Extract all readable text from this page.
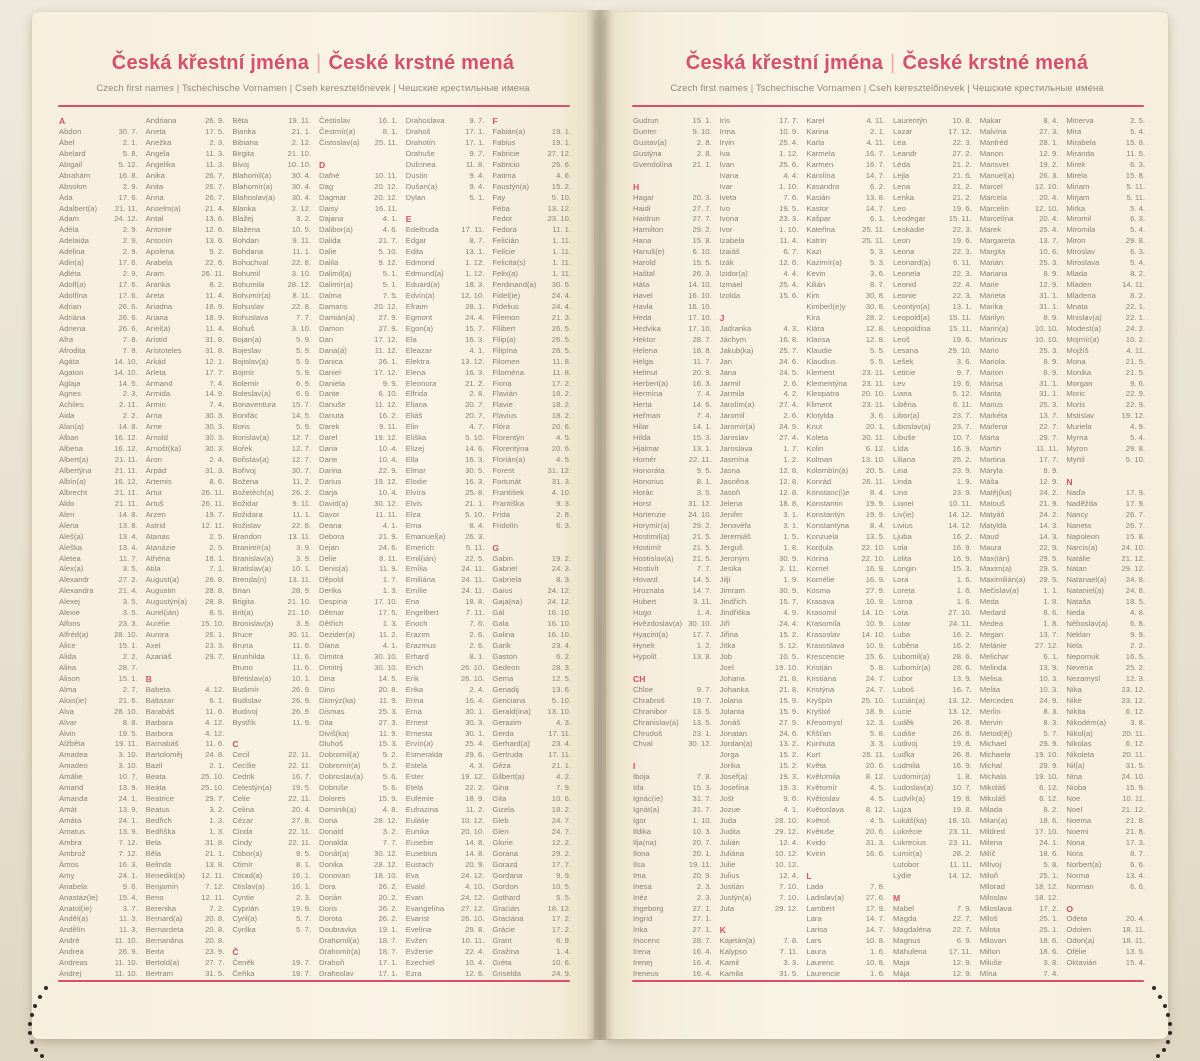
Česká křestní jména | České krstné mená
Czech first names | Tschechische Vornamen | Cseh keresztelőnevek | Чешские крестильные имена
A
Abdon	30. 7.
Ábel	2. 1.
Abelard	5. 8.
Abigail	5. 12.
Abrahám	16. 8.
Absolon	2. 9.
Ada	17. 6.
Adalbert(a) 21. 11.
Adam	24. 12.
Adéla	2. 9.
Adelaida	2. 9.
Adelina	2. 9.
Adin(a)	17. 6.
Adléta	2. 9.
Adolf(a)	17. 6.
Adolfína	17. 6.
Adrian	26. 6.
Adriána	26. 6.
Adriena	26. 6.
Afra	7. 8.
Afrodita	7. 8.
Agáta	14. 10.
Agaton	14. 10.
Aglaja	14. 5.
Agnes	2. 3.
Achiles	2. 11.
Aida	2. 2.
Alan(a)	14. 8.
Alban	16. 12.
Albena	16. 12.
Albert(a)	21. 11.
Albertýna	21. 11.
Albín(a)	16. 12.
Albrecht	21. 11.
Aldo	21. 11.
Alen	14. 8.
Alena	13. 8.
Aleš(a)	13. 4.
Aleška	13. 4.
Aletea	11. 7.
Alex(a)	3. 5.
Alexandr	27. 2.
Alexandra	21. 4.
Alexej	3. 5.
Alexie	3. 5.
Alfons	23. 3.
Alfréd(a)	28. 10.
Alice	15. 1.
Alida	2. 2.
Alina	28. 7.
Alison	15. 1.
Alma	2. 7.
Alois(ie)	21. 6.
Alva	28. 10.
Alvar	8. 8.
Alvin	19. 5.
Alžběta	19. 11.
Amadea	3. 10.
Amadeo	3. 10.
Amálie	10. 7.
Amand	13. 9.
Amanda	24. 1.
Amát	13. 9.
Amáta	24. 1.
Amatus	13. 9.
Ambra	7. 12.
Ambrož	7. 12.
Ámos	16. 3.
Amy	24. 1.
Anabela	9. 6.
Anastáz(ie)	15. 4.
Anatol(ie)	3. 7.
Anděl(a)	11. 3.
Andělín	11. 3.
André	11. 10.
Andrea	26. 9.
Andreas	11. 10.
Andrej	11. 10.
Andriana	26. 9.
Aneta	17. 5.
Anežka	2. 3.
Angela	11. 3.
Angelika	11. 3.
Anika	26. 7.
Anita	26. 7.
Anna	26. 7.
Anselm(a)	21. 4.
Antal	13. 6.
Antonie	12. 6.
Antonín	13. 6.
Apolena	9. 2.
Arabela	22. 6.
Aram	26. 11.
Aranka	8. 2.
Areta	11. 4.
Ariadna	18. 9.
Ariana	18. 9.
Ariel(a)	11. 4.
Aristid	31. 8.
Aristoteles	31. 8.
Arkád	12. 1.
Arleta	17. 7.
Armand	7. 4.
Armida	14. 9.
Armin	7. 4.
Arna	30. 3.
Arne	30. 3.
Arnold	30. 3.
Arnošt(ka)	30. 3.
Áron	2. 4.
Árpád	31. 3.
Artemis	8. 6.
Artur	26. 11.
Artuš	26. 11.
Arzen	19. 7.
Astrid	12. 11.
Atanas	2. 5.
Atanázie	2. 5.
Athéna	18. 1.
Atila	7. 1.
August(a)	28. 8.
Augustin	28. 8.
Augustýn(a) 28. 8.
Aurel(ián)	8. 5.
Aurélie	15. 10.
Aurora	26. 1.
Axel	23. 3.
Azariáš	29. 7.
B
Babeta	4. 12.
Baltazar	6. 1.
Barabáš	11. 6.
Barbara	4. 12.
Barbora	4. 12.
Barnabáš	11. 6.
Bartoloměj	24. 8.
Bazil	2. 1.
Beata	25. 10.
Beáta	25. 10.
Beatrice	29. 7.
Beatus	3. 2.
Bedřich	1. 3.
Bedřiška	1. 3.
Bela	31. 8.
Běla	21. 1.
Belinda	13. 8.
Benedikt(a) 12. 11.
Benjamín	7. 12.
Beno	12. 11.
Berenika	7. 2.
Bernard(a)	20. 8.
Bernardeta	20. 8.
Bernardina	20. 8.
Berta	23. 9.
Bertold(a)	27. 7.
Bertram	31. 5.
Běta	19. 11.
Bianka	21. 1.
Bibiana	2. 12.
Birgita	21. 10.
Bivoj	10. 10.
Blahomil(a)	30. 4.
Blahomír(a)	30. 4.
Blahoslav(a) 30. 4.
Blanka	2. 12.
Blažej	3. 2.
Blažena	10. 5.
Bohdan	9. 11.
Bohdana	11. 1.
Bohuchval	22. 8.
Bohumil	3. 10.
Bohumila	28. 12.
Bohumír(a)	8. 11.
Bohuslav	22. 8.
Bohuslava	7. 7.
Bohuš	3. 10.
Bojan(a)	5. 9.
Bojeslav	5. 9.
Bojislav(a)	5. 9.
Bojmír	5. 9.
Bolemír	6. 9.
Boleslav(a)	6. 9.
Bonaventura 15. 7.
Bonifác	14. 5.
Boris	5. 9.
Borislav(a)	12. 7.
Bořek	12. 7.
Bořislav(a)	12. 7.
Bořivoj	30. 7.
Božena	11. 2.
Božetěch(a) 26. 2.
Božidar	9. 11.
Božidara	11. 1.
Božislav	22. 8.
Brandon	13. 11.
Branimír(a)	3. 9.
Branislav(a)	3. 9.
Bratislav(a)	10. 1.
Brenda(n)	13. 11.
Brian	28. 9.
Brigita	21. 10.
Brit(a)	21. 10.
Bronislav(a)	3. 9.
Bruce	30. 11.
Bruna	11. 6.
Brunhilda	11. 6.
Bruno	11. 6.
Břetislav(a)	10. 1.
Budimír	26. 9.
Budislav	26. 9.
Budivoj	26. 9.
Bystřík	11. 9.
C
Cecil	22. 11.
Cecílie	22. 11.
Cedrik	16. 7.
Celestýn(a)	19. 5.
Celie	22. 11.
Celina	20. 4.
Cézar	27. 8.
Cinda	22. 11.
Cindy	22. 11.
Ctibor(a)	9. 5.
Ctimír	8. 1.
Ctirad(a)	16. 1.
Ctislav(a)	16. 1.
Cyntie	2. 3.
Cyprián	19. 9.
Cyril(a)	5. 7.
Cyrilka	5. 7.
Č
Čeněk	19. 7.
Čeňka	19. 7.
Čestislav	16. 1.
Čestmír(a)	8. 1.
Čistoslav(a) 25. 11.
D
Dafné	10. 11.
Dag	20. 12.
Dagmar	20. 12.
Daisy	16. 11.
Dajana	4. 1.
Dalibor(a)	4. 6.
Dalida	21. 7.
Dalie	5. 10.
Dalila	9. 12.
Dalimil(a)	5. 1.
Dalimír(a)	5. 1.
Dalma	7. 5.
Damaris	20. 12.
Damián(a)	27. 9.
Damon	27. 9.
Dan	17. 12.
Dana(á)	11. 12.
Danica	26. 1.
Daniel	17. 12.
Daniela	9. 9.
Dante	6. 10.
Danuše	11. 12.
Danuta	16. 2.
Darek	9. 11.
Darel	19. 12.
Daria	10. 4.
Darie	10. 4.
Darina	22. 9.
Darius	19. 12.
Darja	10. 4.
David(a)	30. 12.
Davor	11. 11.
Deana	4. 1.
Debora	21. 9.
Dejan	24. 6.
Delie	8. 11.
Denis(a)	11. 9.
Děpold	1. 7.
Derika	1. 3.
Despina	17. 10.
Dětmar	17. 5.
Dětřich	1. 3.
Dezider(a)	11. 2.
Diana	4. 1.
Dimitra	30. 10.
Dimitrij	30. 10.
Dina	14. 5.
Dino	20. 8.
Dionýz(ka)	11. 9.
Dismas	25. 3.
Dita	27. 3.
Diviš(ka)	11. 9.
Dluhoš	15. 3.
Dobromil(a)	5. 2.
Dobromír(a)	5. 2.
Dobroslav(a)	5. 6.
Dobruše	5. 6.
Dolores	15. 9.
Dominik(a)	4. 8.
Dona	28. 12.
Donald	3. 2.
Donalda	7. 7.
Donát(a)	30. 12.
Donika	28. 12.
Donovan	18. 10.
Dora	26. 2.
Dorián	20. 2.
Doris	26. 2.
Dorota	26. 2.
Doubravka	19. 1.
Drahomil(a)	18. 7.
Drahomír(a) 18. 7.
Drahoň	17. 1.
Drahoslav	17. 1.
Drahoslava	9. 7.
Drahoš	17. 1.
Drahotín	17. 1.
Drahuše	9. 7.
Dulcinea	11. 8.
Dustin	9. 4.
Dušan(a)	9. 4.
Dylan	5. 1.
E
Edeltruda	17. 11.
Edgar	8. 7.
Edita	13. 1.
Edmond	1. 12.
Edmund(a)	1. 12.
Eduard(a)	18. 3.
Edvín(a)	12. 10.
Efraim	28. 1.
Egmont	24. 4.
Egon(a)	15. 7.
Ela	16. 3.
Eleazar	4. 1.
Elektra	13. 12.
Elena	16. 3.
Eleonora	21. 2.
Elfrida	2. 8.
Eliana	20. 7.
Eliáš	20. 7.
Elin	4. 7.
Eliška	5. 10.
Elizej	14. 6.
Ella	16. 3.
Elmar	30. 5.
Elodie	16. 3.
Elvíra	25. 8.
Elvis	21. 1.
Elza	5. 10.
Ema	8. 4.
Emanuel(a)	26. 3.
Emerich	5. 11.
Emil(ián)	22. 5.
Emília	24. 11.
Emiliána	24. 11.
Emílie	24. 11.
Ena	18. 8.
Engelbert	7. 11.
Enoch	7. 6.
Erazim	2. 6.
Erazmus	2. 6.
Erhard	8. 1.
Erich	26. 10.
Erik	26. 10.
Erika	2. 4.
Erina	16. 4.
Erna	30. 1.
Ernest	30. 3.
Ernesta	30. 1.
Ervín(a)	25. 4.
Esmeralda	29. 6.
Estela	4. 3.
Ester	19. 12.
Etela	22. 2.
Eufémie	18. 9.
Eufrazina	11. 2.
Eulálie	10. 12.
Eunika	20. 10.
Eusebie	14. 8.
Eusebius	14. 8.
Eustach	20. 9.
Eva	24. 12.
Evald	4. 10.
Evan	24. 12.
Evangelína 27. 12.
Evarist	26. 10.
Evelína	29. 8.
Evžen	10. 11.
Evženie	22. 4.
Ezechiel	10. 4.
Ezra	12. 6.
F
Fabián(a)	19. 1.
Fabius	19. 1.
Fabricie	27. 12.
Fabricio	25. 6.
Fatima	4. 6.
Faustýn(a)	15. 2.
Fay	5. 10.
Féba	13. 12.
Fedor	23. 10.
Fedora	11. 1.
Felicián	1. 11.
Felície	1. 11.
Felicita(s)	1. 11.
Felix(a)	1. 11.
Ferdinand(a) 30. 5.
Fidel(ie)	24. 4.
Fidelius	24. 4.
Filemon	21. 3.
Filibert	26. 5.
Filip(a)	26. 5.
Filipína	26. 5.
Filomen	11. 8.
Filoména	11. 8.
Fiona	17. 2.
Flavián	18. 2.
Flavie	18. 2.
Flavius	18. 2.
Flóra	20. 6.
Florentýn	4. 5.
Florentýna	20. 6.
Florián(a)	4. 5.
Forest	31. 12.
Fortunát	31. 3.
František	4. 10.
Františka	9. 3.
Frida	2. 8.
Fridolín	6. 3.
G
Gabin	19. 2.
Gabriel	24. 3.
Gabriela	8. 3.
Gaius	24. 12.
Gaja(na)	24. 12.
Gál	16. 10.
Gala	16. 10.
Galina	16. 10.
Garik	23. 4.
Gaston	6. 2.
Gedeon	28. 3.
Gema	12. 5.
Genadij	13. 6.
Genciana	5. 10.
Gerald(ina) 13. 10.
Gerazim	4. 3.
Gerda	17. 11.
Gerhard(a)	23. 4.
Gertruda	17. 11.
Géza	21. 1.
Gilbert(a)	4. 2.
Gina	7. 9.
Gita	10. 6.
Gizela	18. 2.
Gleb	24. 7.
Glen	24. 7.
Glorie	12. 2.
Gorana	29. 2.
Gorazd	17. 7.
Gordana	9. 9.
Gordon	10. 5.
Gothard	5. 5.
Gracián	18. 12.
Graciána	17. 2.
Grácie	17. 2.
Grant	6. 9.
Gražina	1. 4.
Gréta	10. 6.
Griselda	24. 9.
Česká křestní jména | České krstné mená
Czech first names | Tschechische Vornamen | Cseh keresztelőnevek | Чешские крестильные имена
Gudrun	15. 1.
Gunter	9. 10.
Gustav(a)	2. 8.
Gustýna	2. 8.
Gvendolína	21. 1.
H
Hagar	20. 3.
Haidi	27. 7.
Haidrun	27. 7.
Hamilton	29. 2.
Hana	15. 8.
Hanuš(e)	6. 10.
Harold	15. 5.
Haštal	26. 3.
Háta	14. 10.
Havel	16. 10.
Havla	16. 10.
Heda	17. 10.
Hedvika	17. 10.
Hektor	28. 7.
Helena	18. 8.
Helga	11. 7.
Helmut	20. 9.
Herbert(a)	16. 3.
Hermína	7. 4.
Herta	14. 6.
Heřman	7. 4.
Hilar	14. 1.
Hilda	15. 3.
Hjalmar	13. 1.
Homér	22. 11.
Honoráta	9. 5.
Honorius	8. 1.
Horác	3. 5.
Horst	31. 12.
Hortenzie	24. 10.
Horymír(a)	29. 2.
Hostimil(a)	21. 5.
Hostimír	21. 5.
Hostislav(a) 21. 5.
Hostivít	7. 7.
Hovard	14. 5.
Hroznata	14. 7.
Hubert	3. 11.
Hugo	1. 4.
Hvězdoslav(a) 30. 10.
Hyacint(a)	17. 7.
Hynek	1. 2.
Hypolit	13. 8.
CH
Chloe	9. 7.
Chrabroš	19. 7.
Chranibor	13. 5.
Chranislav(a) 13. 5.
Chrudoš	23. 1.
Chval	30. 12.
I
Iboja	7. 8.
Ida	15. 3.
Ignác(ie)	31. 7.
Ignát(a)	31. 7.
Igor	1. 10.
Ildika	10. 3.
Ilja(na)	20. 7.
Ilona	20. 1.
Ilsa	19. 11.
Ima	20. 9.
Inesa	2. 3.
Inéz	2. 3.
Ingeborg	27. 1.
Ingrid	27. 1.
Inka	27. 1.
Inocenc	28. 7.
Irena	16. 4.
Irenej	16. 4.
Ireneus	16. 4.
Iris	17. 7.
Irma	10. 9.
Irvin	25. 4.
Iva	1. 12.
Ivan	25. 6.
Ivana	4. 4.
Ivar	1. 10.
Iveta	7. 6.
Ivo	19. 5.
Ivona	23. 3.
Ivor	1. 10.
Izabela	11. 4.
Izaiáš	6. 7.
Izák	12. 6.
Izidor(a)	4. 4.
Izmael	25. 4.
Izolda	15. 6.
J
Jadranka	4. 3.
Jáchym	16. 8.
Jakub(ka)	25. 7.
Jan	24. 6.
Jana	24. 5.
Jarmil	2. 6.
Jarmila	4. 2.
Jarolím(a)	27. 4.
Jaromil	2. 6.
Jaromír(a)	24. 9.
Jaroslav	27. 4.
Jaroslava	1. 7.
Jasmína	1. 2.
Jasna	12. 8.
Jasněna	12. 8.
Jasoň	12. 8.
Jelena	18. 8.
Jenifer	3. 1.
Jenovéfa	3. 1.
Jeremiáš	1. 5.
Jerguš	1. 8.
Jeroným	30. 9.
Jesika	2. 11.
Jiljí	1. 9.
Jimram	30. 9.
Jindřich	15. 7.
Jindřiška	4. 9.
Jiří	24. 4.
Jiřina	15. 2.
Jitka	5. 12.
Job	10. 5.
Joel	19. 10.
Johana	21. 8.
Johanka	21. 8.
Jolana	15. 9.
Jolanta	15. 9.
Jonáš	27. 9.
Jonatan	24. 6.
Jordan(a)	13. 2.
Jorga	15. 2.
Jorika	15. 2.
Josef(a)	19. 3.
Josefína	19. 3.
Jošt	9. 6.
Jozue	4. 1.
Juda	28. 10.
Judita	29. 12.
Julián	12. 4.
Juliána	10. 12.
Julie	10. 12.
Julius	12. 4.
Justián	7. 10.
Justýn(a)	7. 10.
Juta	29. 12.
K
Kajetán(a)	7. 8.
Kalypso	7. 11.
Kamil	3. 3.
Kamila	31. 5.
Karel	4. 11.
Karina	2. 1.
Karla	4. 11.
Karmela	16. 7.
Karmen	16. 7.
Karolína	14. 7.
Kasandra	6. 2.
Kasián	13. 8.
Kastor	14. 7.
Kašpar	6. 1.
Kateřina	25. 11.
Katrin	25. 11.
Kazi	5. 3.
Kazimír(a)	5. 3.
Kevin	3. 6.
Kilián	8. 7.
Kim	30. 8.
Kimberl(e)y	30. 8.
Kira	28. 2.
Klára	12. 8.
Klarisa	12. 8.
Klaudie	5. 5.
Klaudius	5. 5.
Klement	23. 11.
Klementýna 23. 11.
Kleopatra	20. 10.
Kliment	23. 11.
Klotylda	3. 6.
Knut	20. 1.
Koleta	20. 11.
Kolin	6. 12.
Kolman	13. 10.
Kolombín(a) 20. 5.
Konrád	26. 11.
Konstanc(i)e	8. 4.
Konstantin	19. 9.
Konstantýn	19. 9.
Konstantýna	8. 4.
Konzuela	13. 5.
Kordula	22. 10.
Korina	22. 10.
Kornel	16. 9.
Kornélie	16. 9.
Kosma	27. 9.
Krasava	10. 9.
Krasomil	14. 10.
Krasomila	10. 9.
Krasoslav	14. 10.
Krasoslava	10. 9.
Krescencie	15. 6.
Kristián	5. 8.
Kristiána	24. 7.
Kristýna	24. 7.
Kryšpín	25. 10.
Kryštof	18. 9.
Křesomysl	12. 3.
Křišťan	5. 8.
Kunhuta	3. 3.
Kurt	26. 11.
Květa	20. 6.
Květomila	8. 12.
Květomír	4. 5.
Květoslav	4. 5.
Květoslava	8. 12.
Květoš	4. 5.
Květuše	20. 6.
Kvido	31. 3.
Kvirin	16. 6.
L
Lada	7. 8.
Ladislav(a)	27. 6.
Lambert	17. 9.
Lara	14. 7.
Larisa	14. 7.
Lars	10. 8.
Laura	1. 6.
Laurenc	10. 8.
Laurencie	1. 6.
Laurentýn	10. 8.
Lazar	17. 12.
Lea	22. 3.
Leandr	27. 2.
Léda	21. 2.
Lejla	21. 6.
Lena	21. 2.
Lenka	21. 2.
Leo	19. 6.
Leodegar	15. 11.
Leokádie	22. 3.
Leon	19. 6.
Leona	22. 3.
Leonard(a)	6. 11.
Leonela	22. 3.
Leonid	22. 4.
Leonie	22. 3.
Leontýn(a)	13. 1.
Leopold(a) 15. 11.
Leopoldina 15. 11.
Leoš	19. 6.
Lesana	29. 10.
Lešek	3. 6.
Leticie	9. 7.
Lev	19. 6.
Liana	5. 12.
Liběna	6. 11.
Libor(a)	23. 7.
Liboslav(a)	23. 7.
Libuše	10. 7.
Lída	16. 9.
Liliana	25. 2.
Lina	23. 9.
Linda	1. 9.
Lino	23. 9.
Lionel	10. 11.
Liv(ie)	14. 12.
Livius	14. 12.
Ljuba	16. 2.
Lola	16. 9.
Lolita	16. 9.
Longin	15. 3.
Lora	1. 6.
Loreta	1. 6.
Lorna	1. 6.
Lota	27. 10.
Lotar	24. 11.
Luba	16. 2.
Luběna	16. 2.
Lubomil(a)	28. 6.
Lubomír(a)	28. 6.
Lubor	13. 9.
Luboš	16. 7.
Lucián(a)	13. 12.
Lucie	13. 12.
Luděk	26. 8.
Ludiše	26. 8.
Ludivoj	19. 8.
Luďka	26. 8.
Ludmila	16. 9.
Ludomír(a)	1. 8.
Ludoslav(a)	10. 7.
Ludvík(a)	19. 8.
Lujza	19. 8.
Lukáš(ka)	18. 10.
Lukrécie	23. 11.
Lukrecius	23. 11.
Lumír(a)	28. 2.
Lutobor	11. 11.
Lýdie	14. 12.
M
Mabel	7. 9.
Magda	22. 7.
Magdaléna	22. 7.
Magnus	6. 9.
Mahulena	17. 11.
Maja	12. 9.
Mája	12. 9.
Makar	8. 4.
Malvína	27. 3.
Manfréd	28. 1.
Manon	12. 9.
Mansvet	19. 2.
Manuel(a)	26. 3.
Marcel	12. 10.
Marcela	20. 4.
Marcelin	12. 10.
Marcelína	20. 4.
Marek	25. 4.
Margareta	13. 7.
Margita	10. 6.
Marián	25. 3.
Mariana	8. 9.
Marie	12. 9.
Marieta	31. 1.
Marika	31. 1.
Marilyn	8. 9.
Marin(a)	10. 10.
Marinus	10. 10.
Mario	25. 3.
Mariola	8. 9.
Marion	8. 9.
Marisa	31. 1.
Marita	31. 1.
Marius	25. 3.
Markéta	13. 7.
Marlena	22. 7.
Marta	29. 7.
Martin	11. 11.
Martina	17. 7.
Maryla	8. 9.
Máša	12. 9.
Matěj(ka)	24. 2.
Matouš	21. 9.
Matyáš	24. 2.
Matylda	14. 3.
Maud	14. 3.
Maura	22. 9.
Max(ián)	29. 5.
Maxim(a)	29. 5.
Maximilián(a) 29. 5.
Mečislav(a)	1. 1.
Meda	1. 8.
Medard	8. 6.
Medea	1. 8.
Megan	13. 7.
Melánie	27. 12.
Melichar	6. 1.
Melinda	13. 9.
Melisa	10. 3.
Melita	10. 3.
Mercedes	24. 9.
Merlin	8. 3.
Mervin	8. 3.
Metod(ěj)	5. 7.
Michael	29. 9.
Michaela	19. 10.
Michal	29. 9.
Michala	19. 10.
Mikoláš	6. 12.
Mikuláš	6. 12.
Milada	8. 2.
Milan(a)	18. 6.
Mildred	17. 10.
Milena	24. 1.
Milíč	18. 6.
Milivoj	5. 8.
Miloň	25. 1.
Milorad	18. 12.
Miloslav	18. 12.
Miloslava	17. 2.
Miloš	25. 1.
Milota	25. 1.
Milovan	18. 6.
Milton	18. 6.
Miluše	3. 8.
Mína	7. 4.
Minerva	2. 5.
Mira	5. 4.
Mirabela	15. 8.
Miranda	11. 5.
Mirek	6. 3.
Mirela	15. 8.
Miriam	5. 11.
Mirjam	5. 11.
Mirka	5. 4.
Miromil	6. 3.
Miromila	5. 4.
Miron	29. 8.
Miroslav	6. 3.
Miroslava	5. 4.
Mlada	8. 2.
Mladen	14. 11.
Mladena	8. 2.
Mnata	22. 1.
Mnislav(a)	22. 1.
Modest(a)	24. 2.
Mojmír(a)	10. 2.
Mojžíš	4. 11.
Mona	21. 5.
Monika	21. 5.
Morgan	9. 6.
Moric	22. 9.
Moris	22. 9.
Mstislav	19. 12.
Muriela	4. 9.
Myrna	5. 4.
Myron	29. 8.
Myrtil	5. 10.
N
Naďa	17. 9.
Naděžda	17. 9.
Nancy	26. 7.
Naneta	26. 7.
Napoleon	15. 8.
Narcis(a)	24. 10.
Natálie	21. 12.
Natan	29. 12.
Natanael(a)	24. 8.
Nataniel(a)	24. 8.
Nataša	18. 5.
Neda	4. 8.
Něhoslav(a)	6. 8.
Neklan	9. 9.
Nela	2. 2.
Nepomuk	16. 5.
Nevena	25. 2.
Nezamysl	12. 3.
Nika	23. 12.
Niké	23. 12.
Nikita	6. 12.
Nikodém(a)	3. 8.
Nikol(a)	20. 11.
Nikolas	6. 12.
Nikoleta	20. 11.
Nil(a)	31. 5.
Nina	24. 10.
Nioba	15. 9.
Noe	10. 11.
Noel	21. 12.
Noema	21. 8.
Noemi	21. 8.
Nona	17. 3.
Nora	8. 7.
Norbert(a)	6. 6.
Norma	13. 4.
Norman	6. 6.
O
Odeta	20. 4.
Odolen	18. 11.
Odon(a)	18. 11.
Ofélie	13. 5.
Oktavián	15. 4.
